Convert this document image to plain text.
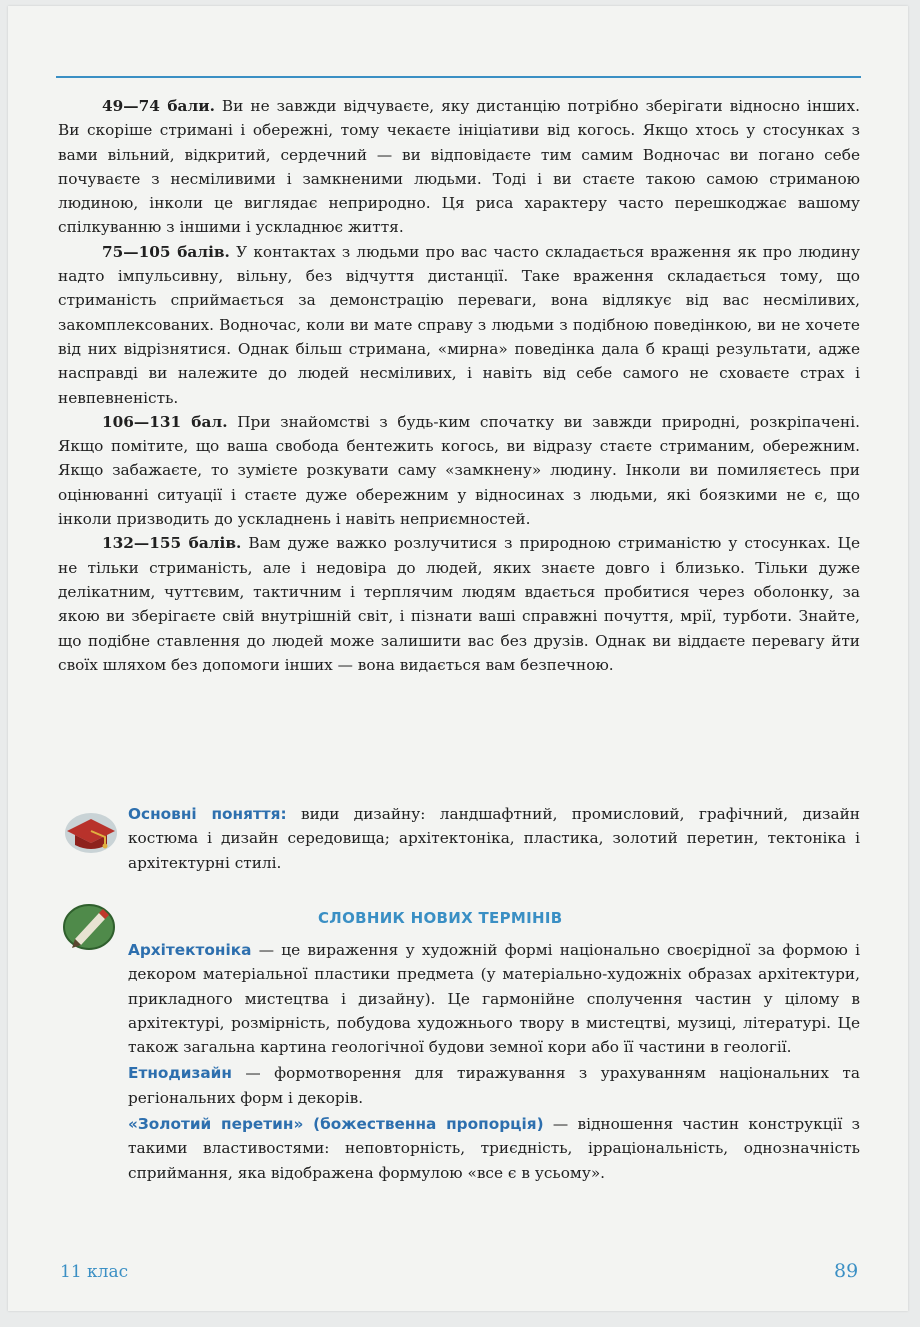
49—74 бали. Ви не завжди відчуваєте, яку дистанцію потрібно зберігати відносно інших. Ви скоріше стримані і обережні, тому чекаєте ініціативи від когось. Якщо хтось у стосунках з вами вільний, відкритий, сердечний — ви відповідаєте тим самим Водночас ви погано себе почуваєте з несміливими і замкненими людьми. Тоді і ви стаєте такою самою стриманою людиною, інколи це виглядає неприродно. Ця риса характеру часто перешкоджає вашому спілкуванню з іншими і ускладнює життя.

75—105 балів. У контактах з людьми про вас часто складається враження як про людину надто імпульсивну, вільну, без відчуття дистанції. Таке враження складається тому, що стриманість сприймається за демонстрацію переваги, вона відлякує від вас несміливих, закомплексованих. Водночас, коли ви мате справу з людьми з подібною поведінкою, ви не хочете від них відрізнятися. Однак більш стримана, «мирна» поведінка дала б кращі результати, адже насправді ви належите до людей несміливих, і навіть від себе самого не сховаєте страх і невпевненість.

106—131 бал. При знайомстві з будь-ким спочатку ви завжди природні, розкріпачені. Якщо помітите, що ваша свобода бентежить когось, ви відразу стаєте стриманим, обережним. Якщо забажаєте, то зумієте розкувати саму «замкнену» людину. Інколи ви помиляєтесь при оцінюванні ситуації і стаєте дуже обережним у відносинах з людьми, які боязкими не є, що інколи призводить до ускладнень і навіть неприємностей.

132—155 балів. Вам дуже важко розлучитися з природною стриманістю у стосунках. Це не тільки стриманість, але і недовіра до людей, яких знаєте довго і близько. Тільки дуже делікатним, чуттєвим, тактичним і терплячим людям вдається пробитися через оболонку, за якою ви зберігаєте свій внутрішній світ, і пізнати ваші справжні почуття, мрії, турботи. Знайте, що подібне ставлення до людей може залишити вас без друзів. Однак ви віддаєте перевагу йти своїх шляхом без допомоги інших — вона видається вам безпечною.

Основні поняття: види дизайну: ландшафтний, промисловий, графічний, дизайн костюма і дизайн середовища; архітектоніка, пластика, золотий перетин, тектоніка і архітектурні стилі.
СЛОВНИК НОВИХ ТЕРМІНІВ

Архітектоніка — це вираження у художній формі національно своєрідної за формою і декором матеріальної пластики предмета (у матеріально-художніх образах архітектури, прикладного мистецтва і дизайну). Це гармонійне сполучення частин у цілому в архітектурі, розмірність, побудова художнього твору в мистецтві, музиці, літературі. Це також загальна картина геологічної будови земної кори або її частини в геології.

Етнодизайн — формотворення для тиражування з урахуванням національних та регіональних форм і декорів.

«Золотий перетин» (божественна пропорція) — відношення частин конструкції з такими властивостями: неповторність, триєдність, ірраціональність, однозначність сприймання, яка відображена формулою «все є в усьому».

11 клас	89
